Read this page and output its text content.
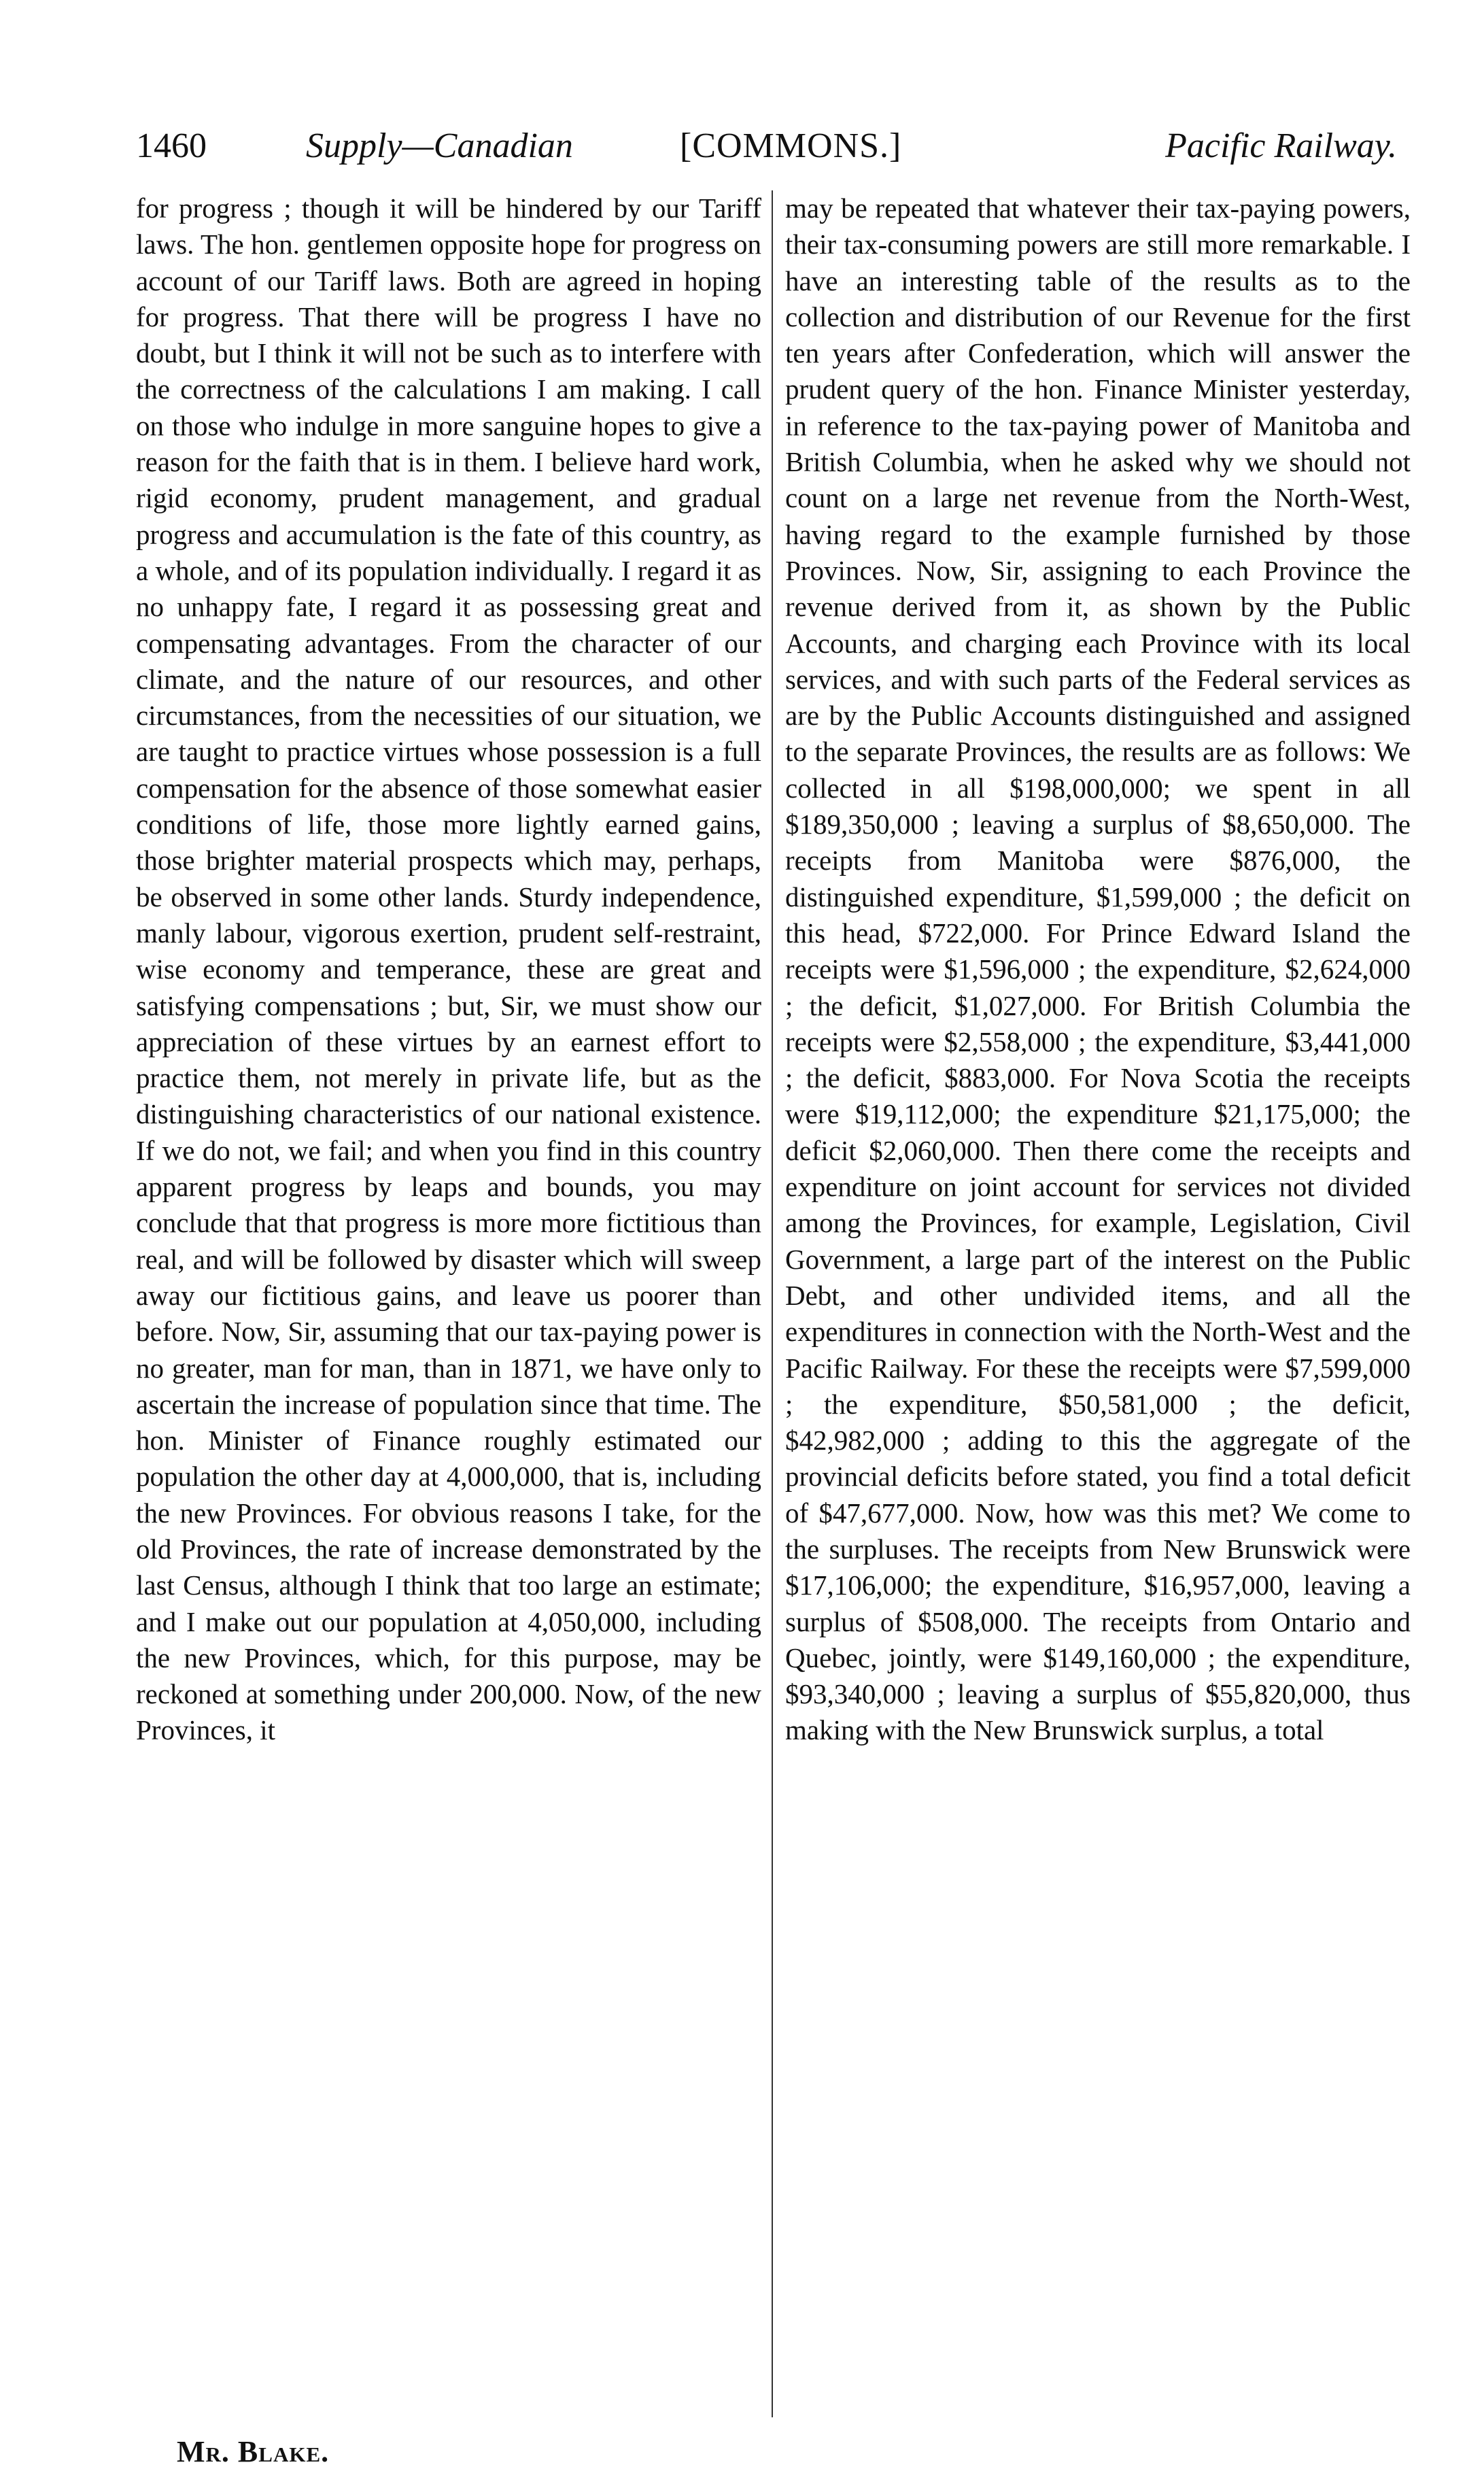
1460	Supply—Canadian	[COMMONS.]	Pacific Railway.
for progress ; though it will be hindered by our Tariff laws. The hon. gentlemen opposite hope for progress on account of our Tariff laws. Both are agreed in hoping for progress. That there will be progress I have no doubt, but I think it will not be such as to interfere with the correctness of the calculations I am making. I call on those who indulge in more sanguine hopes to give a reason for the faith that is in them. I believe hard work, rigid economy, prudent management, and gradual progress and accumulation is the fate of this country, as a whole, and of its population individually. I regard it as no unhappy fate, I regard it as possessing great and compensating advantages. From the character of our climate, and the nature of our resources, and other circumstances, from the necessities of our situation, we are taught to practice virtues whose possession is a full compensation for the absence of those somewhat easier conditions of life, those more lightly earned gains, those brighter material prospects which may, perhaps, be observed in some other lands. Sturdy independence, manly labour, vigorous exertion, prudent self-restraint, wise economy and temperance, these are great and satisfying compensations ; but, Sir, we must show our appreciation of these virtues by an earnest effort to practice them, not merely in private life, but as the distinguishing characteristics of our national existence. If we do not, we fail; and when you find in this country apparent progress by leaps and bounds, you may conclude that that progress is more more fictitious than real, and will be followed by disaster which will sweep away our fictitious gains, and leave us poorer than before. Now, Sir, assuming that our tax-paying power is no greater, man for man, than in 1871, we have only to ascertain the increase of population since that time. The hon. Minister of Finance roughly estimated our population the other day at 4,000,000, that is, including the new Provinces. For obvious reasons I take, for the old Provinces, the rate of increase demonstrated by the last Census, although I think that too large an estimate; and I make out our population at 4,050,000, including the new Provinces, which, for this purpose, may be reckoned at something under 200,000. Now, of the new Provinces, it
may be repeated that whatever their tax-paying powers, their tax-consuming powers are still more remarkable. I have an interesting table of the results as to the collection and distribution of our Revenue for the first ten years after Confederation, which will answer the prudent query of the hon. Finance Minister yesterday, in reference to the tax-paying power of Manitoba and British Columbia, when he asked why we should not count on a large net revenue from the North-West, having regard to the example furnished by those Provinces. Now, Sir, assigning to each Province the revenue derived from it, as shown by the Public Accounts, and charging each Province with its local services, and with such parts of the Federal services as are by the Public Accounts distinguished and assigned to the separate Provinces, the results are as follows: We collected in all $198,000,000; we spent in all $189,350,000 ; leaving a surplus of $8,650,000. The receipts from Manitoba were $876,000, the distinguished expenditure, $1,599,000 ; the deficit on this head, $722,000. For Prince Edward Island the receipts were $1,596,000 ; the expenditure, $2,624,000 ; the deficit, $1,027,000. For British Columbia the receipts were $2,558,000 ; the expenditure, $3,441,000 ; the deficit, $883,000. For Nova Scotia the receipts were $19,112,000; the expenditure $21,175,000; the deficit $2,060,000. Then there come the receipts and expenditure on joint account for services not divided among the Provinces, for example, Legislation, Civil Government, a large part of the interest on the Public Debt, and other undivided items, and all the expenditures in connection with the North-West and the Pacific Railway. For these the receipts were $7,599,000 ; the expenditure, $50,581,000 ; the deficit, $42,982,000 ; adding to this the aggregate of the provincial deficits before stated, you find a total deficit of $47,677,000. Now, how was this met? We come to the surpluses. The receipts from New Brunswick were $17,106,000; the expenditure, $16,957,000, leaving a surplus of $508,000. The receipts from Ontario and Quebec, jointly, were $149,160,000 ; the expenditure, $93,340,000 ; leaving a surplus of $55,820,000, thus making with the New Brunswick surplus, a total
Mr. Blake.
